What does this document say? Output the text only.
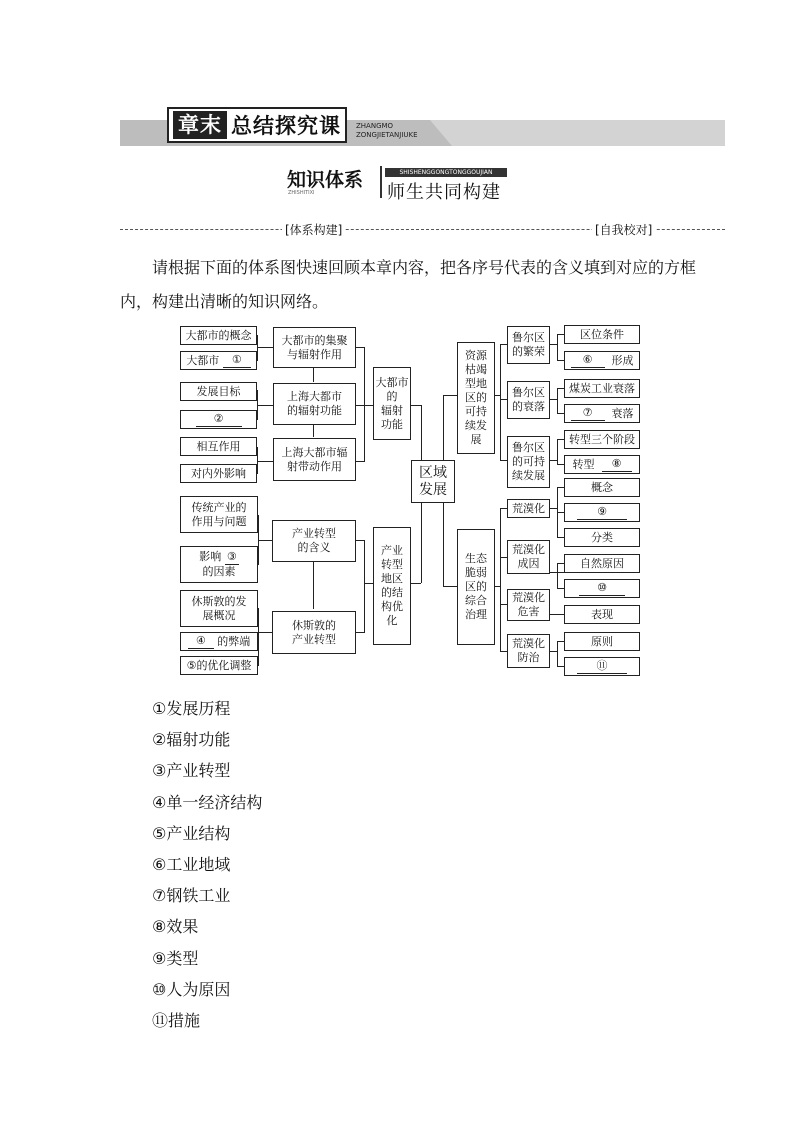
章末 总结探究课 ZHANGMO
ZONGJIETANJIUKE
知识体系	SHISHENGGONGTONGGOUJIAN
师生共同构建
ZHISHITIXI
[体系构建]	[自我校对]
请根据下面的体系图快速回顾本章内容，把各序号代表的含义填到对应的方框内，构建出清晰的知识网络。
区域
发展
大都市的概念
大都市
	①
发展目标
②
相互作用
对内外影响
大都市的集聚
与辐射作用
上海大都市
的辐射功能
上海大都市辐
射带动作用
大都市
的
辐射
功能
传统产业的
作用与问题
影响 ③
的因素
休斯敦的发
展概况
④
	的弊端
⑤ 的优化调整
产业转型
的含义
休斯敦的
产业转型
产业
转型
地区
的结
构优
化
资源
枯竭
型地
区的
可持
续发
展
鲁尔区
的繁荣
鲁尔区
的衰落
鲁尔区
的可持
续发展
区位条件
⑥
	形成
煤炭工业衰落
⑦
	衰落
转型三个阶段
转型
	⑧
生态
脆弱
区的
综合
治理
荒漠化
荒漠化
成因
荒漠化
危害
荒漠化
防治
概念
⑨
分类
自然原因
⑩
表现
原则
⑪
①发展历程
②辐射功能
③产业转型
④单一经济结构
⑤产业结构
⑥工业地域
⑦钢铁工业
⑧效果
⑨类型
⑩人为原因
⑪措施
